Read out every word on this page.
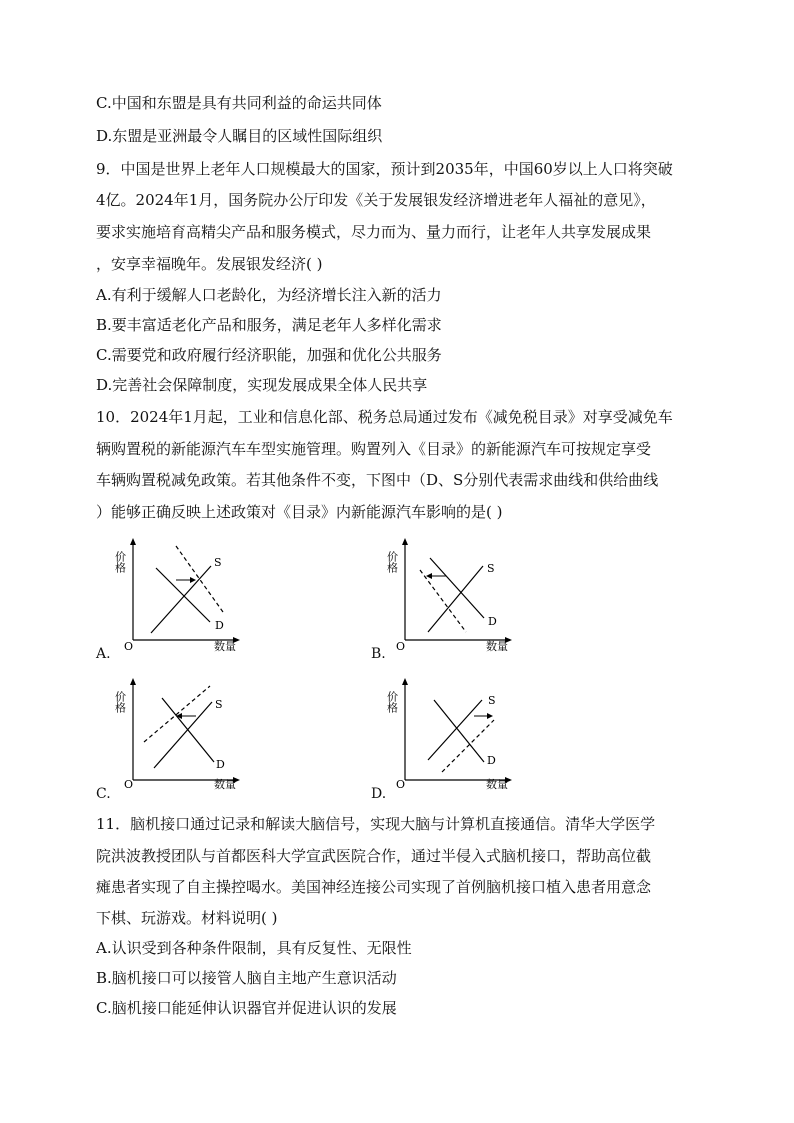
C.中国和东盟是具有共同利益的命运共同体
D.东盟是亚洲最令人瞩目的区域性国际组织
9．中国是世界上老年人口规模最大的国家，预计到2035年，中国60岁以上人口将突破
4亿。2024年1月，国务院办公厅印发《关于发展银发经济增进老年人福祉的意见》，
要求实施培育高精尖产品和服务模式，尽力而为、量力而行，让老年人共享发展成果
，安享幸福晚年。发展银发经济( )
A.有利于缓解人口老龄化，为经济增长注入新的活力
B.要丰富适老化产品和服务，满足老年人多样化需求
C.需要党和政府履行经济职能，加强和优化公共服务
D.完善社会保障制度，实现发展成果全体人民共享
10．2024年1月起，工业和信息化部、税务总局通过发布《减免税目录》对享受减免车
辆购置税的新能源汽车车型实施管理。购置列入《目录》的新能源汽车可按规定享受
车辆购置税减免政策。若其他条件不变，下图中（D、S分别代表需求曲线和供给曲线
）能够正确反映上述政策对《目录》内新能源汽车影响的是( )
价格
O	数量
S
D
A.
价格
O	数量
S
D
B.
价格
O	数量
S
D
C.
价格
O	数量
S
D
D.
11．脑机接口通过记录和解读大脑信号，实现大脑与计算机直接通信。清华大学医学
院洪波教授团队与首都医科大学宣武医院合作，通过半侵入式脑机接口，帮助高位截
瘫患者实现了自主操控喝水。美国神经连接公司实现了首例脑机接口植入患者用意念
下棋、玩游戏。材料说明( )
A.认识受到各种条件限制，具有反复性、无限性
B.脑机接口可以接管人脑自主地产生意识活动
C.脑机接口能延伸认识器官并促进认识的发展
